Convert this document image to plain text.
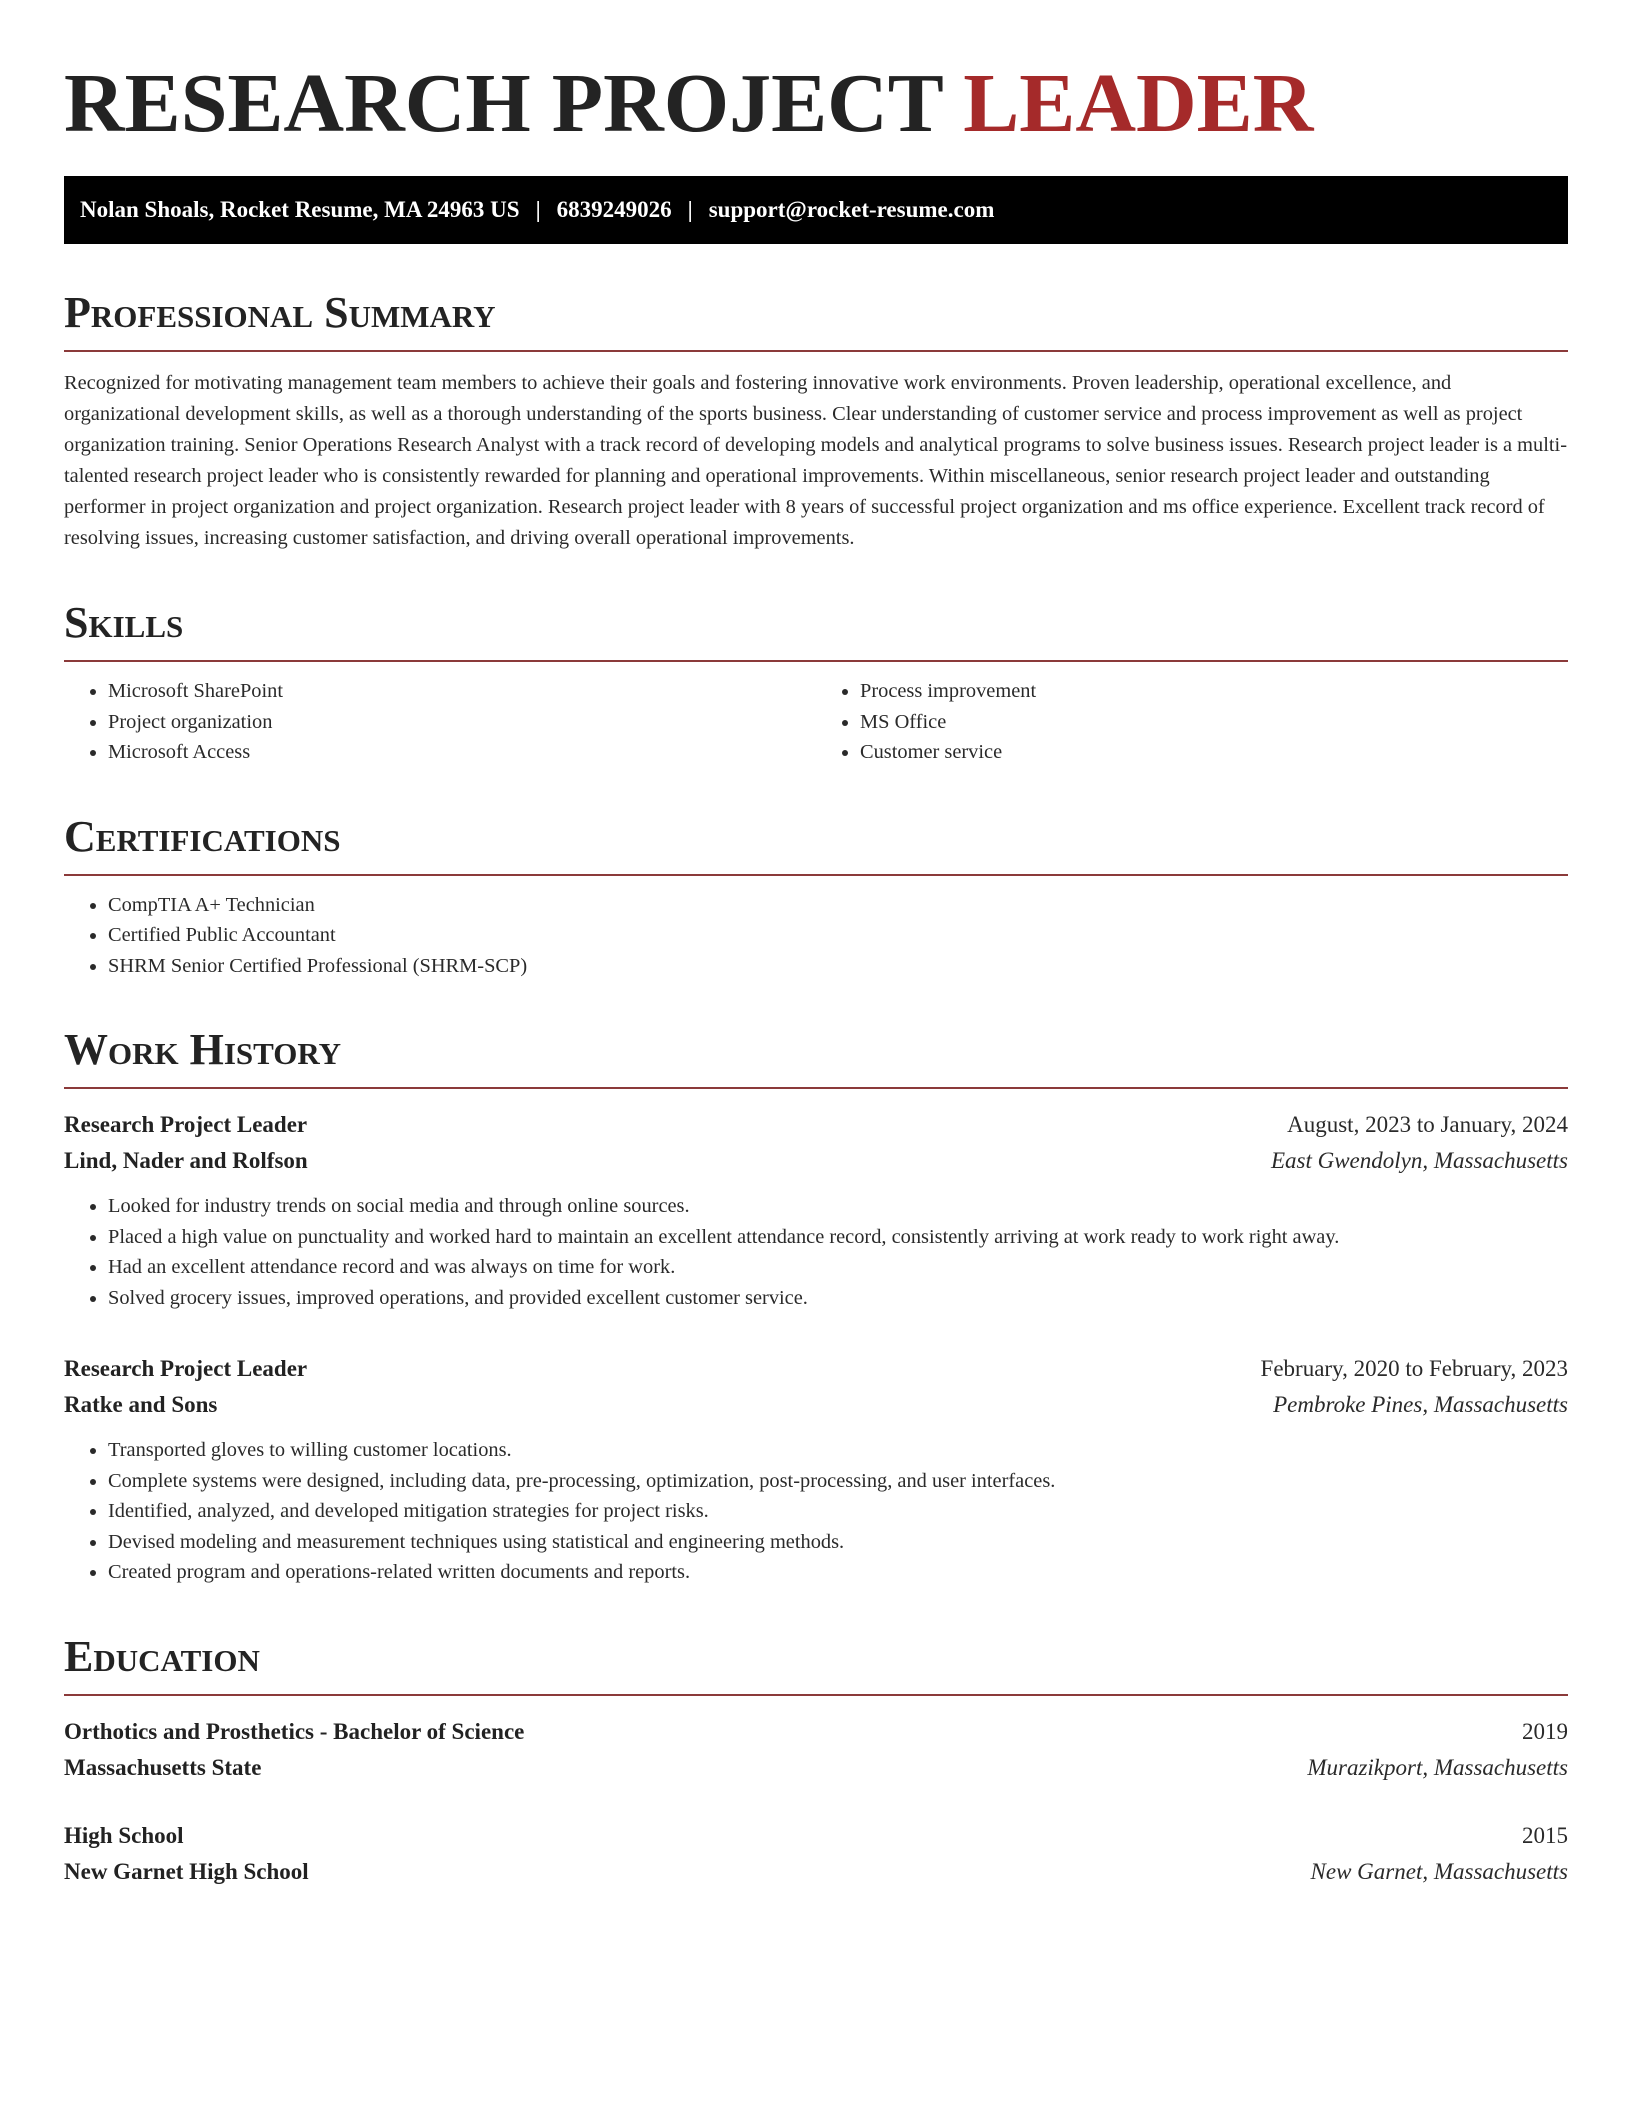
RESEARCH PROJECT LEADER
Nolan Shoals, Rocket Resume, MA 24963 US | 6839249026 | support@rocket-resume.com
Professional Summary

Recognized for motivating management team members to achieve their goals and fostering innovative work environments. Proven leadership, operational excellence, and organizational development skills, as well as a thorough understanding of the sports business. Clear understanding of customer service and process improvement as well as project organization training. Senior Operations Research Analyst with a track record of developing models and analytical programs to solve business issues. Research project leader is a multi-talented research project leader who is consistently rewarded for planning and operational improvements. Within miscellaneous, senior research project leader and outstanding performer in project organization and project organization. Research project leader with 8 years of successful project organization and ms office experience. Excellent track record of resolving issues, increasing customer satisfaction, and driving overall operational improvements.

Skills
• Microsoft SharePoint
• Project organization
• Microsoft Access
• Process improvement
• MS Office
• Customer service
Certifications
• CompTIA A+ Technician
• Certified Public Accountant
• SHRM Senior Certified Professional (SHRM-SCP)
Work History
Research Project Leader	August, 2023 to January, 2024
Lind, Nader and Rolfson	East Gwendolyn, Massachusetts
• Looked for industry trends on social media and through online sources.
• Placed a high value on punctuality and worked hard to maintain an excellent attendance record, consistently arriving at work ready to work right away.
• Had an excellent attendance record and was always on time for work.
• Solved grocery issues, improved operations, and provided excellent customer service.
Research Project Leader	February, 2020 to February, 2023
Ratke and Sons	Pembroke Pines, Massachusetts
• Transported gloves to willing customer locations.
• Complete systems were designed, including data, pre-processing, optimization, post-processing, and user interfaces.
• Identified, analyzed, and developed mitigation strategies for project risks.
• Devised modeling and measurement techniques using statistical and engineering methods.
• Created program and operations-related written documents and reports.
Education
Orthotics and Prosthetics - Bachelor of Science	2019
Massachusetts State	Murazikport, Massachusetts
High School	2015
New Garnet High School	New Garnet, Massachusetts
